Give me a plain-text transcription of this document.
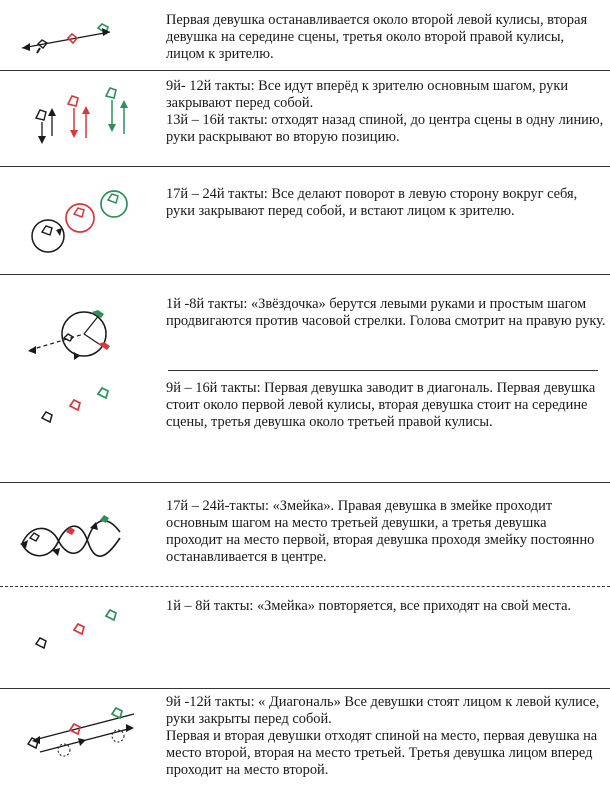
Первая девушка останавливается около второй левой кулисы, вторая девушка на середине сцены, третья около второй правой кулисы, лицом к зрителю.

9й- 12й такты: Все идут вперёд к зрителю основным шагом, руки закрывают перед собой.

13й – 16й такты: отходят назад спиной, до центра сцены в одну линию, руки раскрывают во вторую позицию.

17й – 24й такты: Все делают поворот в левую сторону вокруг себя, руки закрывают перед собой, и встают лицом к зрителю.

1й -8й такты: «Звёздочка» берутся левыми руками и простым шагом продвигаются против часовой стрелки. Голова смотрит на правую руку.

9й – 16й такты: Первая девушка заводит в диагональ. Первая девушка стоит около первой левой кулисы, вторая девушка стоит на середине сцены, третья девушка около третьей правой кулисы.

17й – 24й-такты: «Змейка». Правая девушка в змейке проходит основным шагом на место третьей девушки, а третья девушка проходит на место первой, вторая девушка проходя змейку постоянно останавливается в центре.

1й – 8й такты: «Змейка» повторяется, все приходят на свой места.

9й -12й такты: « Диагональ» Все девушки стоят лицом к левой кулисе, руки закрыты перед собой.

Первая и вторая девушки отходят спиной на место, первая девушка на место второй, вторая на место третьей. Третья девушка лицом вперед проходит на место второй.
